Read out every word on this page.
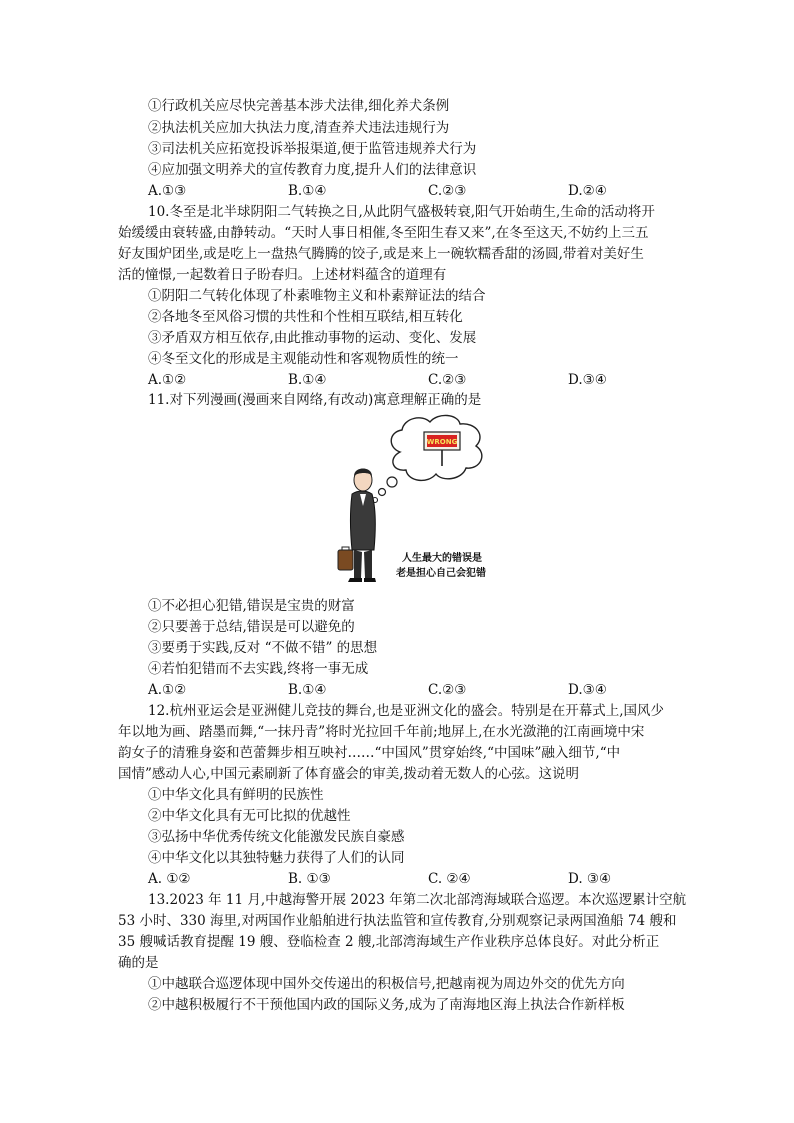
①行政机关应尽快完善基本涉犬法律,细化养犬条例
②执法机关应加大执法力度,清查养犬违法违规行为
③司法机关应拓宽投诉举报渠道,便于监管违规养犬行为
④应加强文明养犬的宣传教育力度,提升人们的法律意识
A.①③	B.①④	C.②③	D.②④
10.冬至是北半球阴阳二气转换之日,从此阴气盛极转衰,阳气开始萌生,生命的活动将开
始缓缓由衰转盛,由静转动。“天时人事日相催,冬至阳生春又来”,在冬至这天,不妨约上三五
好友围炉团坐,或是吃上一盘热气腾腾的饺子,或是来上一碗软糯香甜的汤圆,带着对美好生
活的憧憬,一起数着日子盼春归。上述材料蕴含的道理有
①阴阳二气转化体现了朴素唯物主义和朴素辩证法的结合
②各地冬至风俗习惯的共性和个性相互联结,相互转化
③矛盾双方相互依存,由此推动事物的运动、变化、发展
④冬至文化的形成是主观能动性和客观物质性的统一
A.①②	B.①④	C.②③	D.③④
11.对下列漫画(漫画来自网络,有改动)寓意理解正确的是
WRONG
人生最大的错误是
老是担心自己会犯错
①不必担心犯错,错误是宝贵的财富
②只要善于总结,错误是可以避免的
③要勇于实践,反对 “不做不错” 的思想
④若怕犯错而不去实践,终将一事无成
A.①②	B.①④	C.②③	D.③④
12.杭州亚运会是亚洲健儿竞技的舞台,也是亚洲文化的盛会。特别是在开幕式上,国风少
年以地为画、踏墨而舞,“一抹丹青”将时光拉回千年前;地屏上,在水光潋滟的江南画境中宋
韵女子的清雅身姿和芭蕾舞步相互映衬……“中国风”贯穿始终,“中国味”融入细节,“中
国情”感动人心,中国元素刷新了体育盛会的审美,拨动着无数人的心弦。这说明
①中华文化具有鲜明的民族性
②中华文化具有无可比拟的优越性
③弘扬中华优秀传统文化能激发民族自豪感
④中华文化以其独特魅力获得了人们的认同
A. ①②	B. ①③	C. ②④	D. ③④
13.2023 年 11 月,中越海警开展 2023 年第二次北部湾海域联合巡逻。本次巡逻累计空航
53 小时、330 海里,对两国作业船舶进行执法监管和宣传教育,分别观察记录两国渔船 74 艘和
35 艘喊话教育提醒 19 艘、登临检查 2 艘,北部湾海域生产作业秩序总体良好。对此分析正
确的是
①中越联合巡逻体现中国外交传递出的积极信号,把越南视为周边外交的优先方向
②中越积极履行不干预他国内政的国际义务,成为了南海地区海上执法合作新样板
